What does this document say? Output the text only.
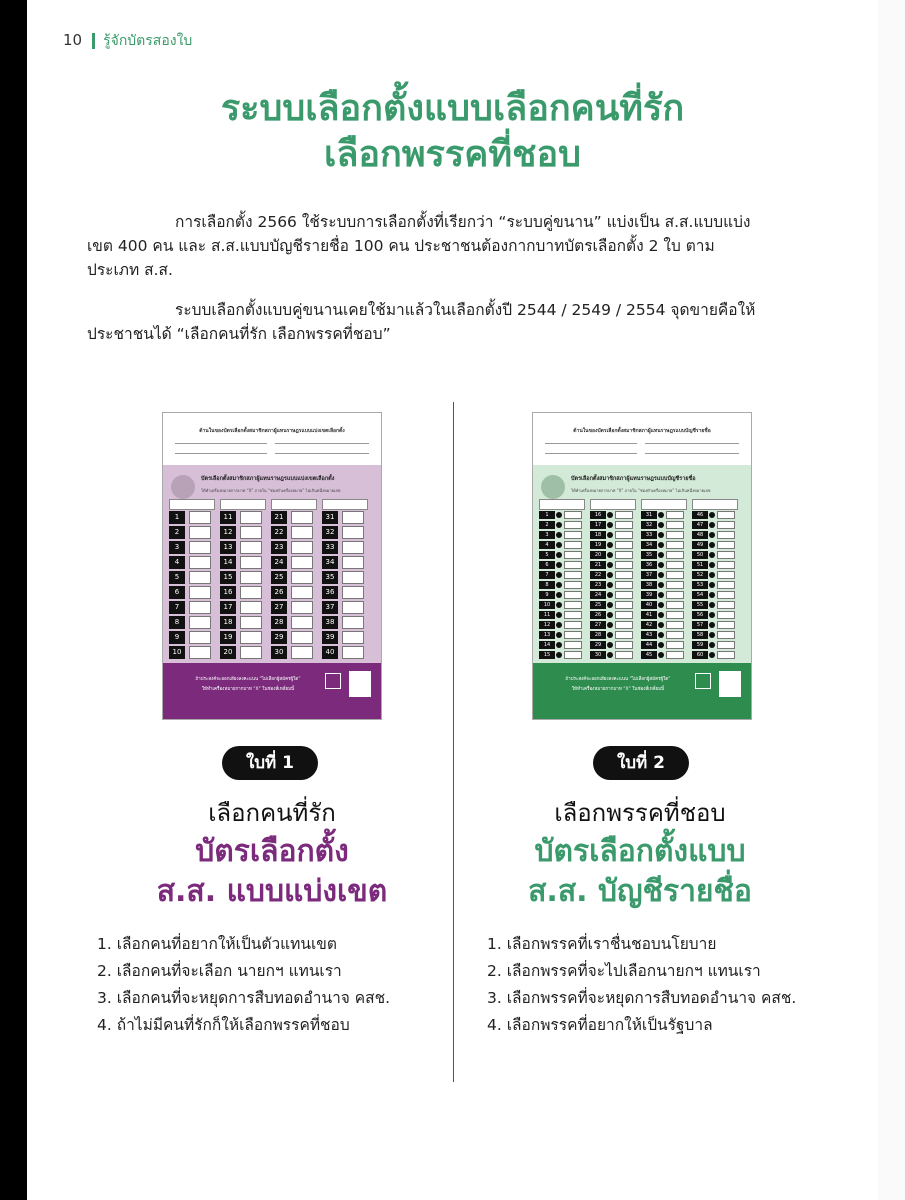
10 รู้จักบัตรสองใบ
ระบบเลือกตั้งแบบเลือกคนที่รัก
เลือกพรรคที่ชอบ
การเลือกตั้ง 2566 ใช้ระบบการเลือกตั้งที่เรียกว่า “ระบบคู่ขนาน” แบ่งเป็น ส.ส.แบบแบ่ง
เขต 400 คน และ ส.ส.แบบบัญชีรายชื่อ 100 คน ประชาชนต้องกากบาทบัตรเลือกตั้ง 2 ใบ ตาม
ประเภท ส.ส.
ระบบเลือกตั้งแบบคู่ขนานเคยใช้มาแล้วในเลือกตั้งปี 2544 / 2549 / 2554 จุดขายคือให้
ประชาชนได้ “เลือกคนที่รัก เลือกพรรคที่ชอบ”
ด้านในของบัตรเลือกตั้งสมาชิกสภาผู้แทนราษฎรแบบแบ่งเขตเลือกตั้ง
บัตรเลือกตั้งสมาชิกสภาผู้แทนราษฎรแบบแบ่งเขตเลือกตั้ง
ให้ทำเครื่องหมายกากบาท “X” ภายใน “ช่องทำเครื่องหมาย” ไม่เกินหนึ่งหมายเลข
1
2
3
4
5
6
7
8
9
10
11
12
13
14
15
16
17
18
19
20
21
22
23
24
25
26
27
28
29
30
31
32
33
34
35
36
37
38
39
40
ถ้าประสงค์จะออกเสียงลงคะแนน “ไม่เลือกผู้สมัครผู้ใด”
ให้ทำเครื่องหมายกากบาท “X” ในช่องสี่เหลี่ยมนี้
ด้านในของบัตรเลือกตั้งสมาชิกสภาผู้แทนราษฎรแบบบัญชีรายชื่อ
บัตรเลือกตั้งสมาชิกสภาผู้แทนราษฎรแบบบัญชีรายชื่อ
ให้ทำเครื่องหมายกากบาท “X” ภายใน “ช่องทำเครื่องหมาย” ไม่เกินหนึ่งหมายเลข
1
2
3
4
5
6
7
8
9
10
11
12
13
14
15
16
17
18
19
20
21
22
23
24
25
26
27
28
29
30
31
32
33
34
35
36
37
38
39
40
41
42
43
44
45
46
47
48
49
50
51
52
53
54
55
56
57
58
59
60
ถ้าประสงค์จะออกเสียงลงคะแนน “ไม่เลือกผู้สมัครผู้ใด”
ให้ทำเครื่องหมายกากบาท “X” ในช่องสี่เหลี่ยมนี้
ใบที่ 1
เลือกคนที่รัก
บัตรเลือกตั้ง
ส.ส. แบบแบ่งเขต
1. เลือกคนที่อยากให้เป็นตัวแทนเขต
2. เลือกคนที่จะเลือก นายกฯ แทนเรา
3. เลือกคนที่จะหยุดการสืบทอดอำนาจ คสช.
4. ถ้าไม่มีคนที่รักก็ให้เลือกพรรคที่ชอบ
ใบที่ 2
เลือกพรรคที่ชอบ
บัตรเลือกตั้งแบบ
ส.ส. บัญชีรายชื่อ
1. เลือกพรรคที่เราชื่นชอบนโยบาย
2. เลือกพรรคที่จะไปเลือกนายกฯ แทนเรา
3. เลือกพรรคที่จะหยุดการสืบทอดอำนาจ คสช.
4. เลือกพรรคที่อยากให้เป็นรัฐบาล
